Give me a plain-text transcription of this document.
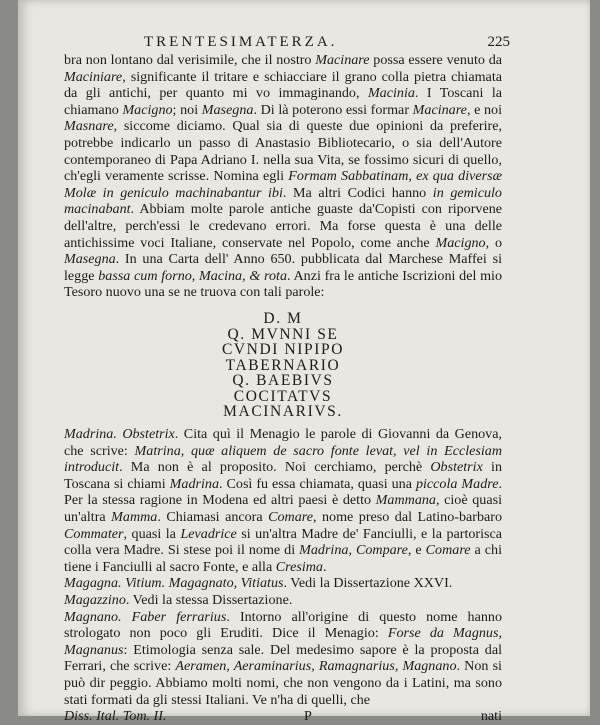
TRENTESIMATERZA.	225

bra non lontano dal verisimile, che il nostro Macinare possa essere venuto da Maciniare, significante il tritare e schiacciare il grano colla pietra chiamata da gli antichi, per quanto mi vo immaginando, Macinia. I Toscani la chiamano Macigno; noi Masegna. Di là poterono essi formar Macinare, e noi Masnare, siccome diciamo. Qual sia di queste due opinioni da preferire, potrebbe indicarlo un passo di Anastasio Bibliotecario, o sia dell'Autore contemporaneo di Papa Adriano I. nella sua Vita, se fossimo sicuri di quello, ch'egli veramente scrisse. Nomina egli Formam Sabbatinam, ex qua diversæ Molæ in geniculo machinabantur ibi. Ma altri Codici hanno in gemiculo macinabant. Abbiam molte parole antiche guaste da'Copisti con riporvene dell'altre, perch'essi le credevano errori. Ma forse questa è una delle antichissime voci Italiane, conservate nel Popolo, come anche Macigno, o Masegna. In una Carta dell' Anno 650. pubblicata dal Marchese Maffei si legge bassa cum forno, Macina, & rota. Anzi fra le antiche Iscrizioni del mio Tesoro nuovo una se ne truova con tali parole:

D. M
Q. MVNNI SE
CVNDI NIPIPO
TABERNARIO
Q. BAEBIVS
COCITATVS
MACINARIVS.

Madrina. Obstetrix. Cita quì il Menagio le parole di Giovanni da Genova, che scrive: Matrina, quæ aliquem de sacro fonte levat, vel in Ecclesiam introducit. Ma non è al proposito. Noi cerchiamo, perchè Obstetrix in Toscana si chiami Madrina. Così fu essa chiamata, quasi una piccola Madre. Per la stessa ragione in Modena ed altri paesi è detto Mammana, cioè quasi un'altra Mamma. Chiamasi ancora Comare, nome preso dal Latino-barbaro Commater, quasi la Levadrice si un'altra Madre de' Fanciulli, e la partorisca colla vera Madre. Si stese poi il nome di Madrina, Compare, e Comare a chi tiene i Fanciulli al sacro Fonte, e alla Cresima.

Magagna. Vitium. Magagnato, Vitiatus. Vedi la Dissertazione XXVI.

Magazzino. Vedi la stessa Dissertazione.

Magnano. Faber ferrarius. Intorno all'origine di questo nome hanno strologato non poco gli Eruditi. Dice il Menagio: Forse da Magnus, Magnanus: Etimologia senza sale. Del medesimo sapore è la proposta dal Ferrari, che scrive: Aeramen, Aeraminarius, Ramagnarius, Magnano. Non si può dir peggio. Abbiamo molti nomi, che non vengono da i Latini, ma sono stati formati da gli stessi Italiani. Ve n'ha di quelli, che

Diss. Ital. Tom. II.	P	nati
